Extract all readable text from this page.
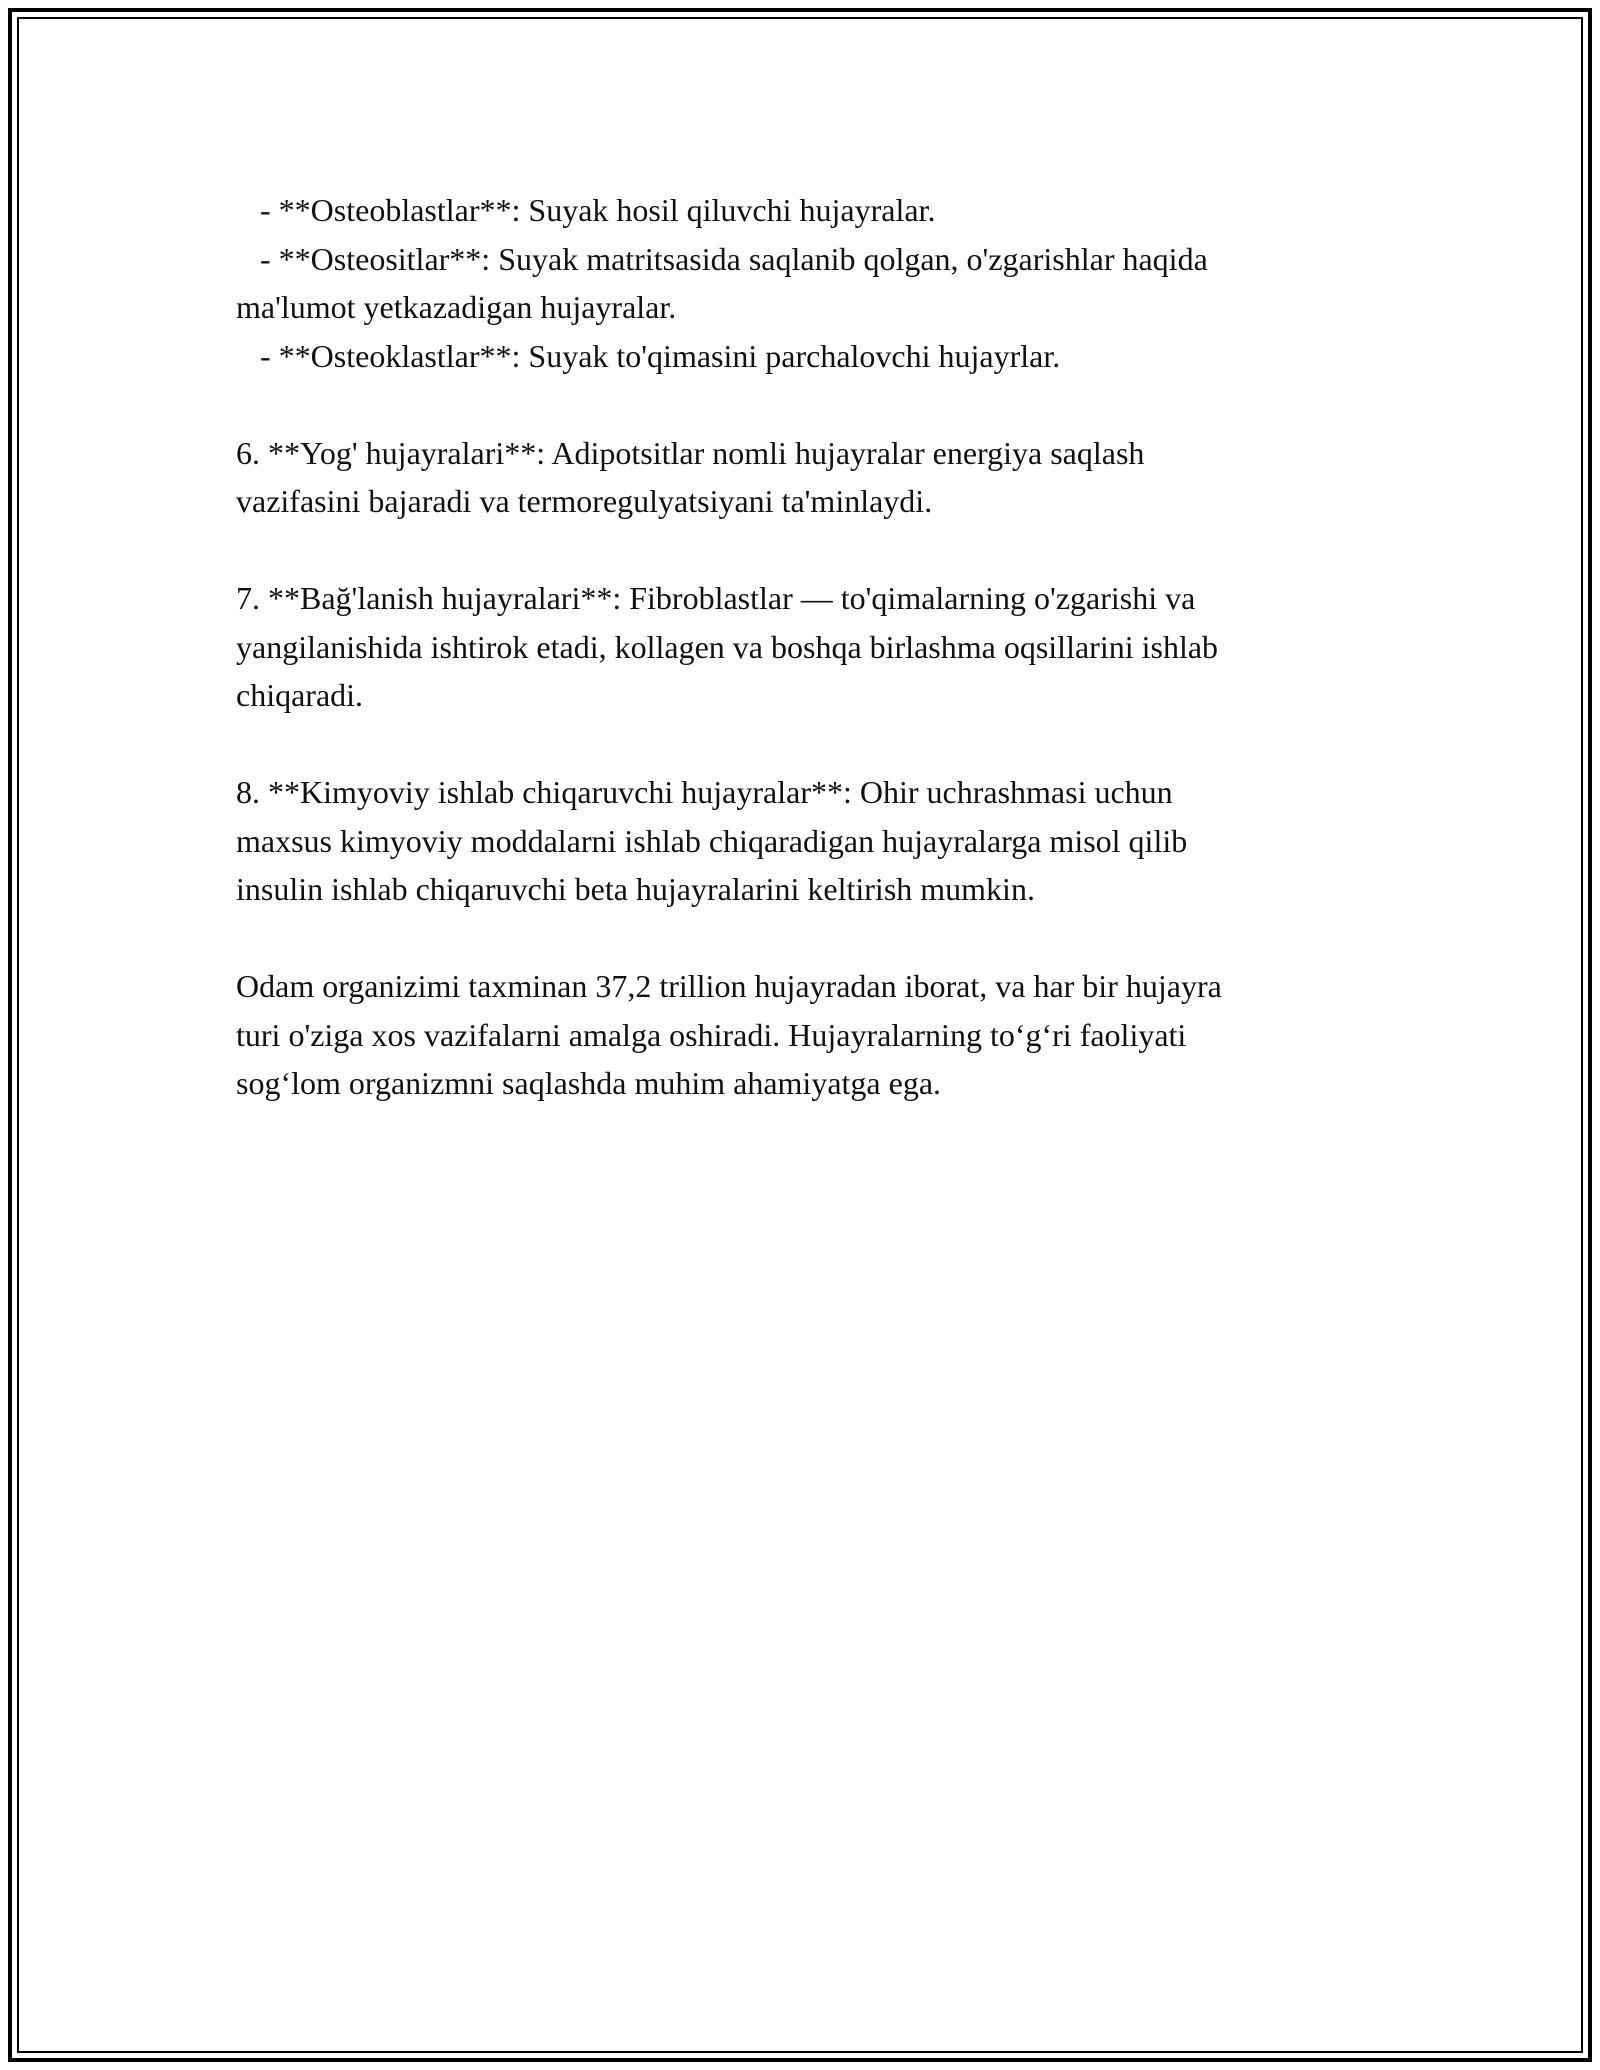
- **Osteoblastlar**: Suyak hosil qiluvchi hujayralar.
- **Osteositlar**: Suyak matritsasida saqlanib qolgan, o'zgarishlar haqida
ma'lumot yetkazadigan hujayralar.
- **Osteoklastlar**: Suyak to'qimasini parchalovchi hujayrlar.
6. **Yog' hujayralari**: Adipotsitlar nomli hujayralar energiya saqlash
vazifasini bajaradi va termoregulyatsiyani ta'minlaydi.
7. **Bağ'lanish hujayralari**: Fibroblastlar — to'qimalarning o'zgarishi va
yangilanishida ishtirok etadi, kollagen va boshqa birlashma oqsillarini ishlab
chiqaradi.
8. **Kimyoviy ishlab chiqaruvchi hujayralar**: Ohir uchrashmasi uchun
maxsus kimyoviy moddalarni ishlab chiqaradigan hujayralarga misol qilib
insulin ishlab chiqaruvchi beta hujayralarini keltirish mumkin.
Odam organizimi taxminan 37,2 trillion hujayradan iborat, va har bir hujayra
turi o'ziga xos vazifalarni amalga oshiradi. Hujayralarning to‘g‘ri faoliyati
sog‘lom organizmni saqlashda muhim ahamiyatga ega.
